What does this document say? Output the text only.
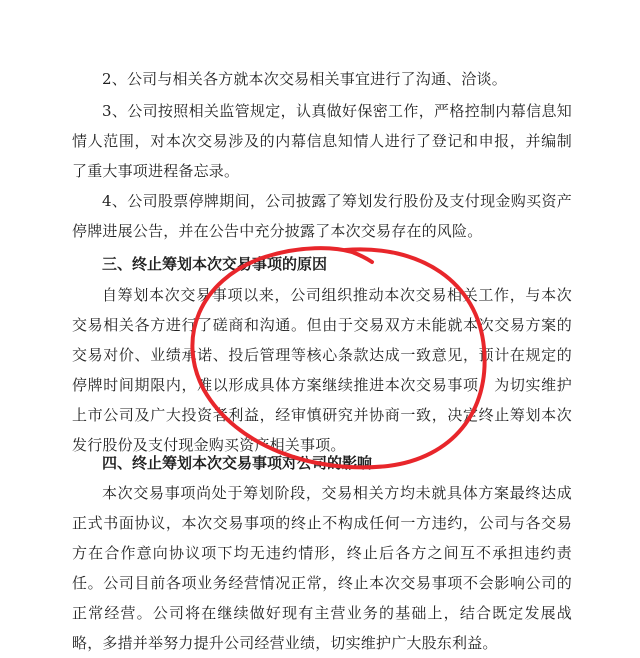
2、公司与相关各方就本次交易相关事宜进行了沟通、洽谈。

3、公司按照相关监管规定，认真做好保密工作，严格控制内幕信息知情人范围，对本次交易涉及的内幕信息知情人进行了登记和申报，并编制了重大事项进程备忘录。

4、公司股票停牌期间，公司披露了筹划发行股份及支付现金购买资产停牌进展公告，并在公告中充分披露了本次交易存在的风险。

三、终止筹划本次交易事项的原因

自筹划本次交易事项以来，公司组织推动本次交易相关工作，与本次交易相关各方进行了磋商和沟通。但由于交易双方未能就本次交易方案的交易对价、业绩承诺、投后管理等核心条款达成一致意见，预计在规定的停牌时间期限内，难以形成具体方案继续推进本次交易事项，为切实维护上市公司及广大投资者利益，经审慎研究并协商一致，决定终止筹划本次发行股份及支付现金购买资产相关事项。

四、终止筹划本次交易事项对公司的影响

本次交易事项尚处于筹划阶段，交易相关方均未就具体方案最终达成正式书面协议，本次交易事项的终止不构成任何一方违约，公司与各交易方在合作意向协议项下均无违约情形，终止后各方之间互不承担违约责任。公司目前各项业务经营情况正常，终止本次交易事项不会影响公司的正常经营。公司将在继续做好现有主营业务的基础上，结合既定发展战略，多措并举努力提升公司经营业绩，切实维护广大股东利益。
